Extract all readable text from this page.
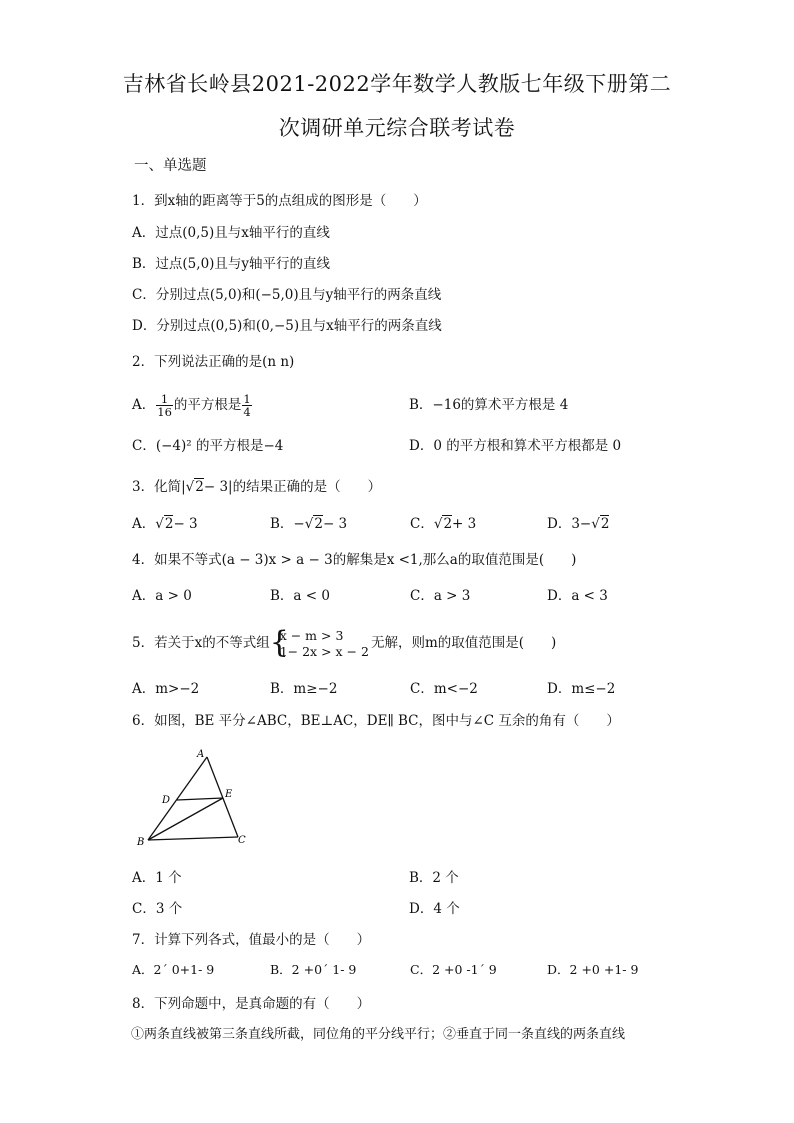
吉林省长岭县2021-2022学年数学人教版七年级下册第二
次调研单元综合联考试卷
一、单选题
1．到x轴的距离等于5的点组成的图形是（　　）
A．过点(0,5)且与x轴平行的直线
B．过点(5,0)且与y轴平行的直线
C．分别过点(5,0)和(−5,0)且与y轴平行的两条直线
D．分别过点(0,5)和(0,−5)且与x轴平行的两条直线
2．下列说法正确的是(n n)
A． $\frac{1}{16}$ 的平方根是 $\frac{1}{4}$	B．−16的算术平方根是 4
C．(−4)² 的平方根是−4	D．0 的平方根和算术平方根都是 0
3．化简|√2− 3|的结果正确的是（　　）
A．√2− 3	B．−√2− 3	C．√2+ 3	D．3−√2
4．如果不等式(a − 3)x > a − 3的解集是x <1,那么a的取值范围是(　　)
A．a > 0	B．a < 0	C．a > 3	D．a < 3
5．若关于x的不等式组 {
x − m > 3
1− 2x > x − 2 无解，则m的取值范围是(　　)
A．m>−2	B．m≥−2	C．m<−2	D．m≤−2
6．如图，BE 平分∠ABC，BE⊥AC，DE∥ BC，图中与∠C 互余的角有（　　）
A
D
E
B	C
A．1 个	B．2 个
C．3 个	D．4 个
7．计算下列各式，值最小的是（　　）
A．2´ 0+1- 9	B．2 +0´ 1- 9	C．2 +0 -1´ 9	D．2 +0 +1- 9
8．下列命题中，是真命题的有（　　）
①两条直线被第三条直线所截，同位角的平分线平行；②垂直于同一条直线的两条直线
